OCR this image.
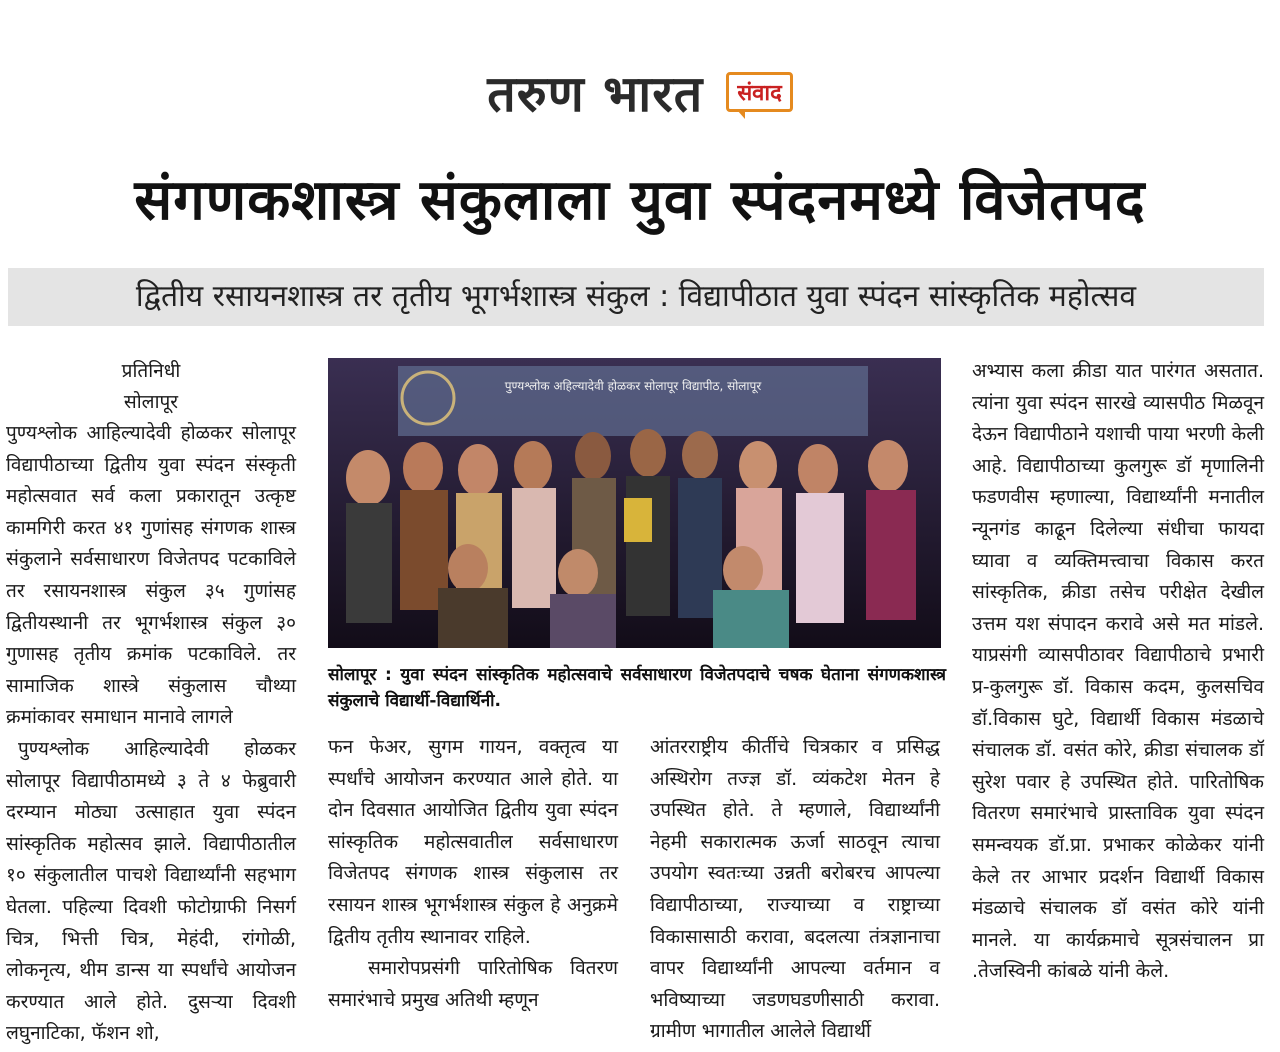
तरुण भारत संवाद
संगणकशास्त्र संकुलाला युवा स्पंदनमध्ये विजेतपद
द्वितीय रसायनशास्त्र तर तृतीय भूगर्भशास्त्र संकुल : विद्यापीठात युवा स्पंदन सांस्कृतिक महोत्सव
प्रतिनिधी
सोलापूर

पुण्यश्लोक आहिल्यादेवी होळकर सोलापूर विद्यापीठाच्या द्वितीय युवा स्पंदन संस्कृती महोत्सवात सर्व कला प्रकारातून उत्कृष्ट कामगिरी करत ४१ गुणांसह संगणक शास्त्र संकुलाने सर्वसाधारण विजेतपद पटकाविले तर रसायनशास्त्र संकुल ३५ गुणांसह द्वितीयस्थानी तर भूगर्भशास्त्र संकुल ३० गुणासह तृतीय क्रमांक पटकाविले. तर सामाजिक शास्त्रे संकुलास चौथ्या क्रमांकावर समाधान मानावे लागले

पुण्यश्लोक आहिल्यादेवी होळकर सोलापूर विद्यापीठामध्ये ३ ते ४ फेब्रुवारी दरम्यान मोठ्या उत्साहात युवा स्पंदन सांस्कृतिक महोत्सव झाले. विद्यापीठातील १० संकुलातील पाचशे विद्यार्थ्यांनी सहभाग घेतला. पहिल्या दिवशी फोटोग्राफी निसर्ग चित्र, भित्ती चित्र, मेहंदी, रांगोळी, लोकनृत्य, थीम डान्स या स्पर्धांचे आयोजन करण्यात आले होते. दुसऱ्या दिवशी लघुनाटिका, फॅशन शो,

पुण्यश्लोक अहिल्यादेवी होळकर सोलापूर विद्यापीठ, सोलापूर
सोलापूर : युवा स्पंदन सांस्कृतिक महोत्सवाचे सर्वसाधारण विजेतपदाचे चषक घेताना संगणकशास्त्र संकुलाचे विद्यार्थी-विद्यार्थिनी.

फन फेअर, सुगम गायन, वक्तृत्व या स्पर्धांचे आयोजन करण्यात आले होते. या दोन दिवसात आयोजित द्वितीय युवा स्पंदन सांस्कृतिक महोत्सवातील सर्वसाधारण विजेतपद संगणक शास्त्र संकुलास तर रसायन शास्त्र भूगर्भशास्त्र संकुल हे अनुक्रमे द्वितीय तृतीय स्थानावर राहिले.

समारोपप्रसंगी पारितोषिक वितरण समारंभाचे प्रमुख अतिथी म्हणून

आंतरराष्ट्रीय कीर्तीचे चित्रकार व प्रसिद्ध अस्थिरोग तज्ज्ञ डॉ. व्यंकटेश मेतन हे उपस्थित होते. ते म्हणाले, विद्यार्थ्यांनी नेहमी सकारात्मक ऊर्जा साठवून त्याचा उपयोग स्वतःच्या उन्नती बरोबरच आपल्या विद्यापीठाच्या, राज्याच्या व राष्ट्राच्या विकासासाठी करावा, बदलत्या तंत्रज्ञानाचा वापर विद्यार्थ्यांनी आपल्या वर्तमान व भविष्याच्या जडणघडणीसाठी करावा. ग्रामीण भागातील आलेले विद्यार्थी

अभ्यास कला क्रीडा यात पारंगत असतात. त्यांना युवा स्पंदन सारखे व्यासपीठ मिळवून देऊन विद्यापीठाने यशाची पाया भरणी केली आहे. विद्यापीठाच्या कुलगुरू डॉ मृणालिनी फडणवीस म्हणाल्या, विद्यार्थ्यांनी मनातील न्यूनगंड काढून दिलेल्या संधीचा फायदा घ्यावा व व्यक्तिमत्त्वाचा विकास करत सांस्कृतिक, क्रीडा तसेच परीक्षेत देखील उत्तम यश संपादन करावे असे मत मांडले. याप्रसंगी व्यासपीठावर विद्यापीठाचे प्रभारी प्र-कुलगुरू डॉ. विकास कदम, कुलसचिव डॉ.विकास घुटे, विद्यार्थी विकास मंडळाचे संचालक डॉ. वसंत कोरे, क्रीडा संचालक डॉ सुरेश पवार हे उपस्थित होते. पारितोषिक वितरण समारंभाचे प्रास्ताविक युवा स्पंदन समन्वयक डॉ.प्रा. प्रभाकर कोळेकर यांनी केले तर आभार प्रदर्शन विद्यार्थी विकास मंडळाचे संचालक डॉ वसंत कोरे यांनी मानले. या कार्यक्रमाचे सूत्रसंचालन प्रा .तेजस्विनी कांबळे यांनी केले.
